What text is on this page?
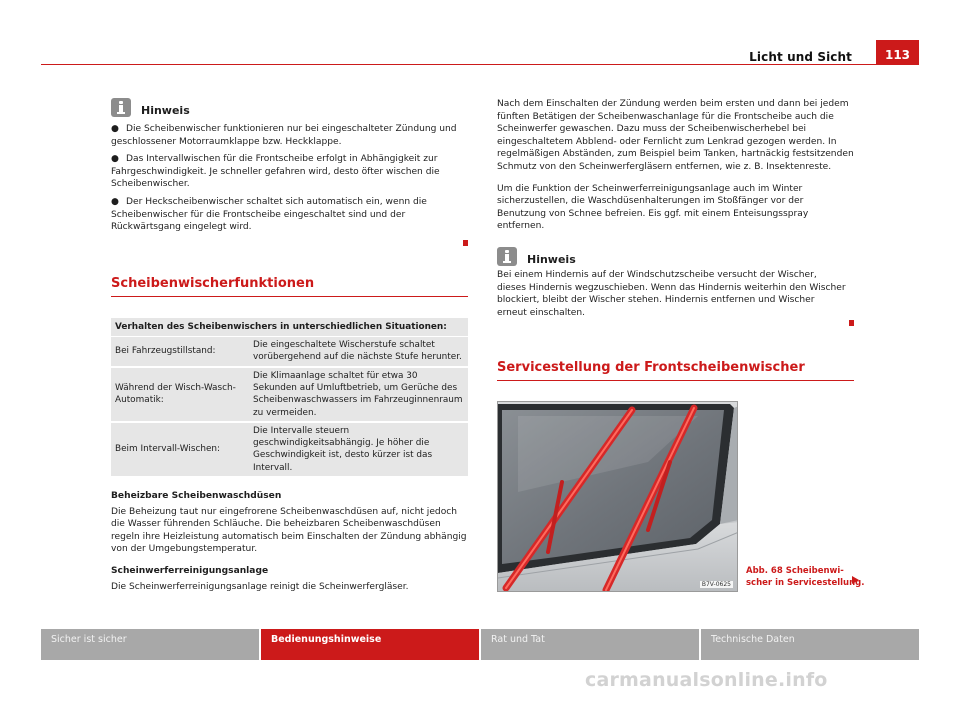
Licht und Sicht	113
Hinweis
● Die Scheibenwischer funktionieren nur bei eingeschalteter Zündung und geschlossener Motorraumklappe bzw. Heckklappe.
● Das Intervallwischen für die Frontscheibe erfolgt in Abhängigkeit zur Fahrgeschwindigkeit. Je schneller gefahren wird, desto öfter wischen die Scheibenwischer.
● Der Heckscheibenwischer schaltet sich automatisch ein, wenn die Scheibenwischer für die Frontscheibe eingeschaltet sind und der Rückwärtsgang eingelegt wird.
Scheibenwischerfunktionen
Verhalten des Scheibenwischers in unterschiedlichen Situationen:	
Bei Fahrzeugstillstand:	Die eingeschaltete Wischerstufe schaltet vorübergehend auf die nächste Stufe herunter.
Während der Wisch-Wasch-Automatik:	Die Klimaanlage schaltet für etwa 30 Sekunden auf Umluftbetrieb, um Gerüche des Scheibenwaschwassers im Fahrzeuginnenraum zu vermeiden.
Beim Intervall-Wischen:	Die Intervalle steuern geschwindigkeitsabhängig. Je höher die Geschwindigkeit ist, desto kürzer ist das Intervall.
Beheizbare Scheibenwaschdüsen

Die Beheizung taut nur eingefrorene Scheibenwaschdüsen auf, nicht jedoch die Wasser führenden Schläuche. Die beheizbaren Scheibenwaschdüsen regeln ihre Heizleistung automatisch beim Einschalten der Zündung abhängig von der Umgebungstemperatur.

Scheinwerferreinigungsanlage

Die Scheinwerferreinigungsanlage reinigt die Scheinwerfergläser.

Nach dem Einschalten der Zündung werden beim ersten und dann bei jedem fünften Betätigen der Scheibenwaschanlage für die Frontscheibe auch die Scheinwerfer gewaschen. Dazu muss der Scheibenwischerhebel bei eingeschaltetem Abblend- oder Fernlicht zum Lenkrad gezogen werden. In regelmäßigen Abständen, zum Beispiel beim Tanken, hartnäckig festsitzenden Schmutz von den Scheinwerfergläsern entfernen, wie z. B. Insektenreste.

Um die Funktion der Scheinwerferreinigungsanlage auch im Winter sicherzustellen, die Waschdüsenhalterungen im Stoßfänger vor der Benutzung von Schnee befreien. Eis ggf. mit einem Enteisungsspray entfernen.

Hinweis

Bei einem Hindernis auf der Windschutzscheibe versucht der Wischer, dieses Hindernis wegzuschieben. Wenn das Hindernis weiterhin den Wischer blockiert, bleibt der Wischer stehen. Hindernis entfernen und Wischer erneut einschalten.

Servicestellung der Frontscheibenwischer
B7V-0625
Abb. 68 Scheibenwi-
scher in Servicestellung.
Sicher ist sicher	Bedienungshinweise	Rat und Tat	Technische Daten
carmanualsonline.info
